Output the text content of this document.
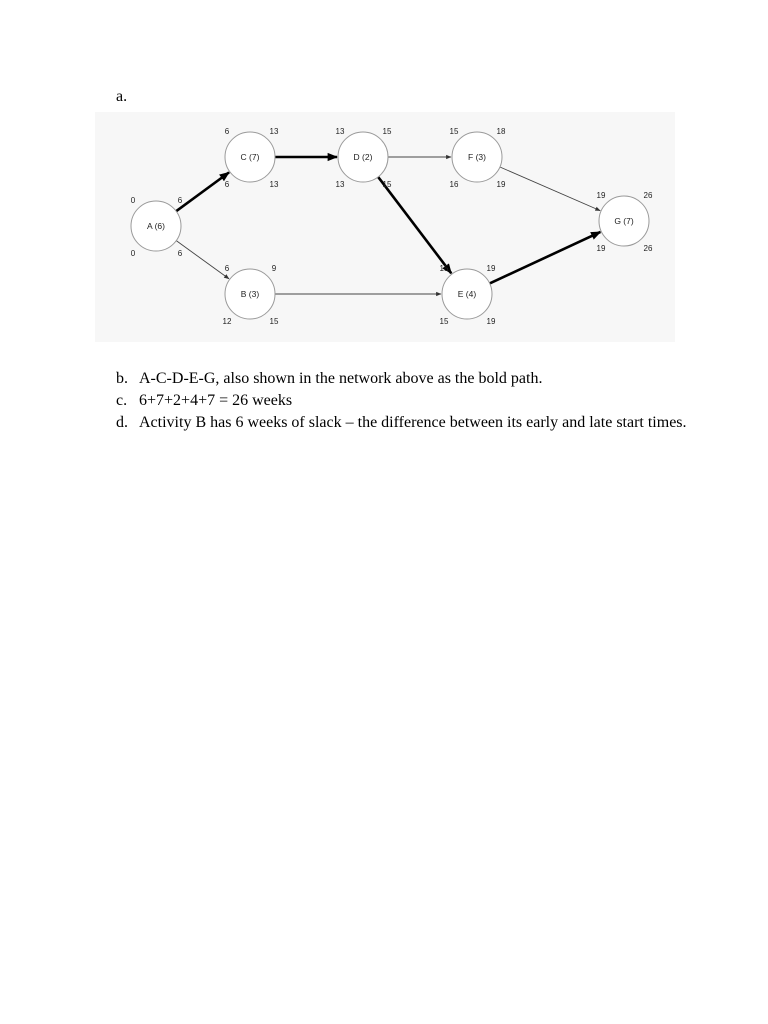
a.
A (6)
0	6
0	6
C (7)
6	13
6	13
D (2)
13	15
13	15
F (3)
15	18
16	19
B (3)
6	9
12	15
E (4)
15	19
15	19
G (7)
19	26
19	26
b. A-C-D-E-G, also shown in the network above as the bold path.
c. 6+7+2+4+7 = 26 weeks
d. Activity B has 6 weeks of slack – the difference between its early and late start times.
